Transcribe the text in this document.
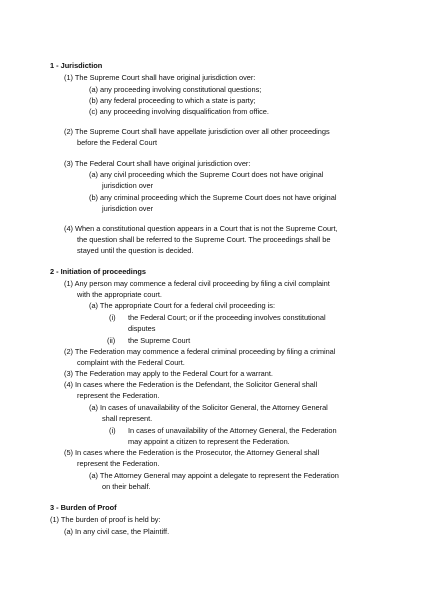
1 - Jurisdiction
(1) The Supreme Court shall have original jurisdiction over:
(a) any proceeding involving constitutional questions;
(b) any federal proceeding to which a state is party;
(c) any proceeding involving disqualification from office.
(2) The Supreme Court shall have appellate jurisdiction over all other proceedings
before the Federal Court
(3) The Federal Court shall have original jurisdiction over:
(a) any civil proceeding which the Supreme Court does not have original
jurisdiction over
(b) any criminal proceeding which the Supreme Court does not have original
jurisdiction over
(4) When a constitutional question appears in a Court that is not the Supreme Court,
the question shall be referred to the Supreme Court. The proceedings shall be
stayed until the question is decided.
2 - Initiation of proceedings
(1) Any person may commence a federal civil proceeding by filing a civil complaint
with the appropriate court.
(a) The appropriate Court for a federal civil proceeding is:
(i) the Federal Court; or if the proceeding involves constitutional
disputes
(ii) the Supreme Court
(2) The Federation may commence a federal criminal proceeding by filing a criminal
complaint with the Federal Court.
(3) The Federation may apply to the Federal Court for a warrant.
(4) In cases where the Federation is the Defendant, the Solicitor General shall
represent the Federation.
(a) In cases of unavailability of the Solicitor General, the Attorney General
shall represent.
(i) In cases of unavailability of the Attorney General, the Federation
may appoint a citizen to represent the Federation.
(5) In cases where the Federation is the Prosecutor, the Attorney General shall
represent the Federation.
(a) The Attorney General may appoint a delegate to represent the Federation
on their behalf.
3 - Burden of Proof
(1) The burden of proof is held by:
(a) In any civil case, the Plaintiff.
